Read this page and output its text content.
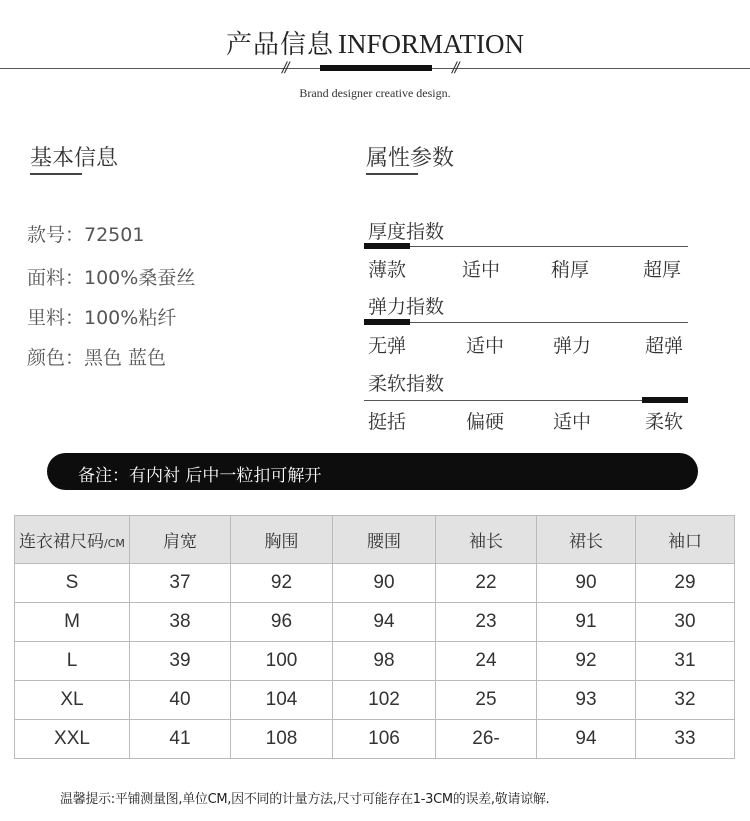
产品信息 INFORMATION
//	//
Brand designer creative design.
基本信息	属性参数
款号：72501
面料：100%桑蚕丝
里料：100%粘纤
颜色：黑色 蓝色
厚度指数
薄款	适中	稍厚	超厚
弹力指数
无弹	适中	弹力	超弹
柔软指数
挺括	偏硬	适中	柔软
备注：有内衬 后中一粒扣可解开
连衣裙尺码/CM	肩宽	胸围	腰围	袖长	裙长	袖口
S	37	92	90	22	90	29
M	38	96	94	23	91	30
L	39	100	98	24	92	31
XL	40	104	102	25	93	32
XXL	41	108	106	26-	94	33
温馨提示:平铺测量图,单位CM,因不同的计量方法,尺寸可能存在1-3CM的误差,敬请谅解.
